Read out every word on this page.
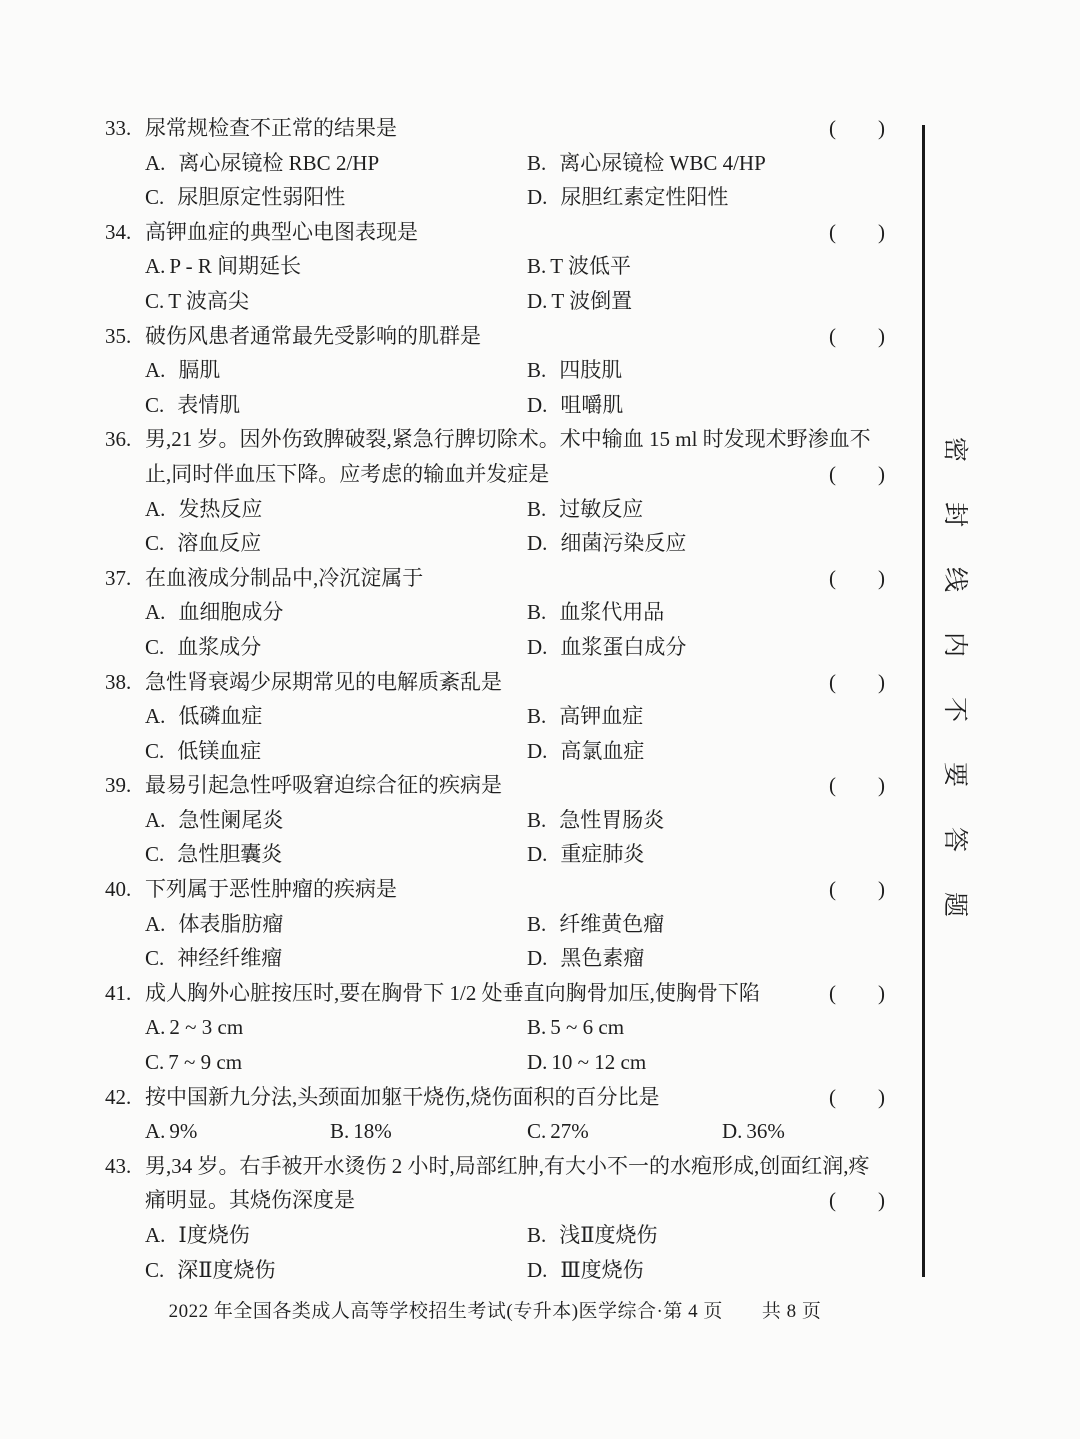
33. 尿常规检查不正常的结果是	(　　)
A. 离心尿镜检 RBC 2/HP	B. 离心尿镜检 WBC 4/HP
C. 尿胆原定性弱阳性	D. 尿胆红素定性阳性
34. 高钾血症的典型心电图表现是	(　　)
A. P - R 间期延长	B. T 波低平
C. T 波高尖	D. T 波倒置
35. 破伤风患者通常最先受影响的肌群是	(　　)
A. 膈肌	B. 四肢肌
C. 表情肌	D. 咀嚼肌
36. 男,21 岁。因外伤致脾破裂,紧急行脾切除术。术中输血 15 ml 时发现术野渗血不
止,同时伴血压下降。应考虑的输血并发症是	(　　)
A. 发热反应	B. 过敏反应
C. 溶血反应	D. 细菌污染反应
37. 在血液成分制品中,冷沉淀属于	(　　)
A. 血细胞成分	B. 血浆代用品
C. 血浆成分	D. 血浆蛋白成分
38. 急性肾衰竭少尿期常见的电解质紊乱是	(　　)
A. 低磷血症	B. 高钾血症
C. 低镁血症	D. 高氯血症
39. 最易引起急性呼吸窘迫综合征的疾病是	(　　)
A. 急性阑尾炎	B. 急性胃肠炎
C. 急性胆囊炎	D. 重症肺炎
40. 下列属于恶性肿瘤的疾病是	(　　)
A. 体表脂肪瘤	B. 纤维黄色瘤
C. 神经纤维瘤	D. 黑色素瘤
41. 成人胸外心脏按压时,要在胸骨下 1/2 处垂直向胸骨加压,使胸骨下陷	(　　)
A. 2 ~ 3 cm	B. 5 ~ 6 cm
C. 7 ~ 9 cm	D. 10 ~ 12 cm
42. 按中国新九分法,头颈面加躯干烧伤,烧伤面积的百分比是	(　　)
A. 9%	B. 18%	C. 27%	D. 36%
43. 男,34 岁。右手被开水烫伤 2 小时,局部红肿,有大小不一的水疱形成,创面红润,疼
痛明显。其烧伤深度是	(　　)
A. Ⅰ度烧伤	B. 浅Ⅱ度烧伤
C. 深Ⅱ度烧伤	D. Ⅲ度烧伤
2022 年全国各类成人高等学校招生考试(专升本)医学综合·第 4 页　　共 8 页
密
封
线
内
不
要
答
题
